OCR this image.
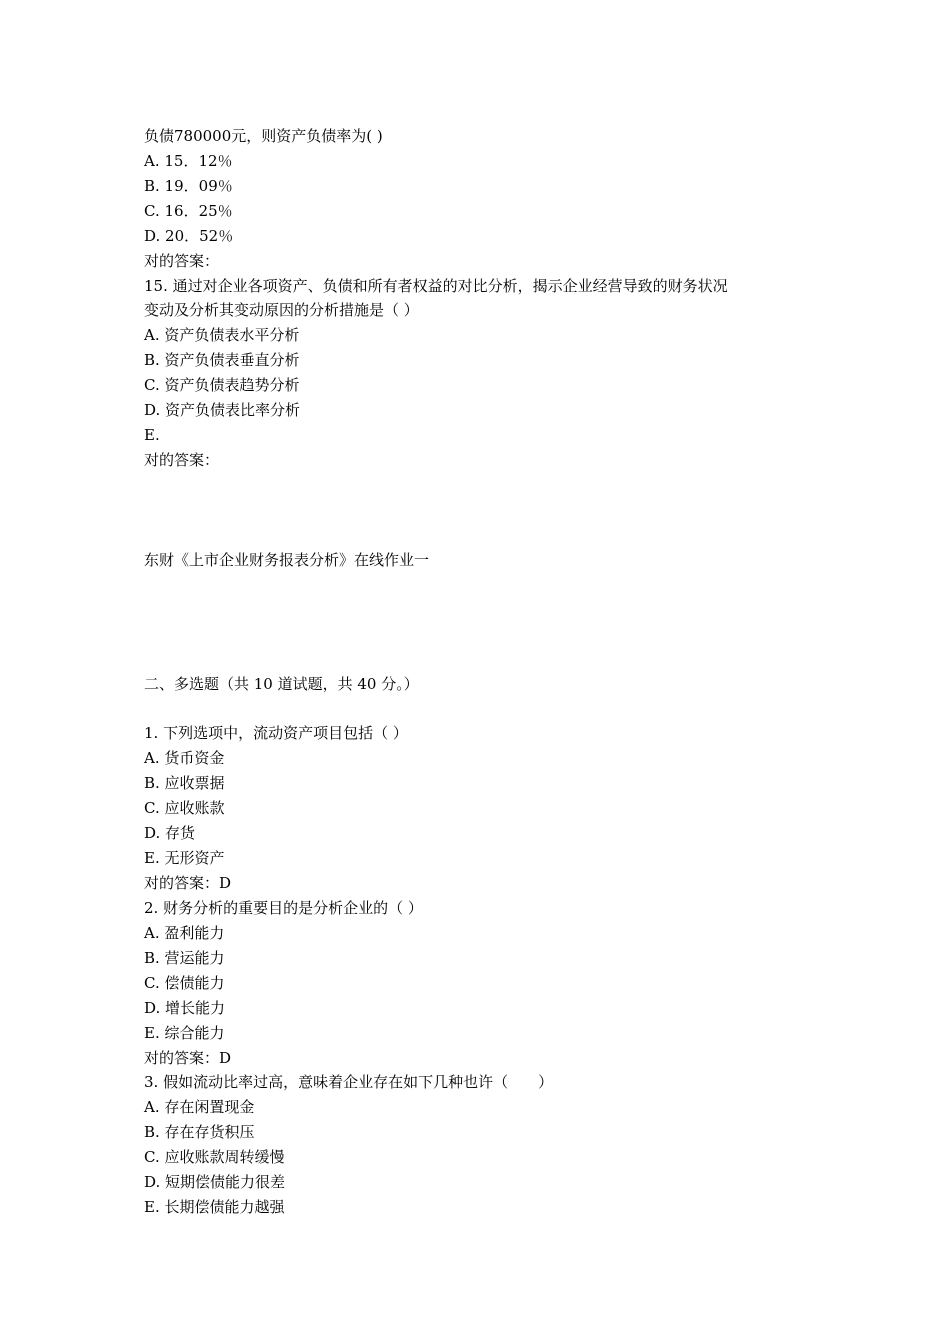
负债780000元，则资产负债率为( )
A. 15．12％
B. 19．09％
C. 16．25％
D. 20．52％
对的答案：
15. 通过对企业各项资产、负债和所有者权益的对比分析，揭示企业经营导致的财务状况
变动及分析其变动原因的分析措施是（ ）
A. 资产负债表水平分析
B. 资产负债表垂直分析
C. 资产负债表趋势分析
D. 资产负债表比率分析
E.
对的答案：
东财《上市企业财务报表分析》在线作业一
二、多选题（共 10 道试题，共 40 分。）
1. 下列选项中，流动资产项目包括（ ）
A. 货币资金
B. 应收票据
C. 应收账款
D. 存货
E. 无形资产
对的答案：D
2. 财务分析的重要目的是分析企业的（ ）
A. 盈利能力
B. 营运能力
C. 偿债能力
D. 增长能力
E. 综合能力
对的答案：D
3. 假如流动比率过高，意味着企业存在如下几种也许（　　）
A. 存在闲置现金
B. 存在存货积压
C. 应收账款周转缓慢
D. 短期偿债能力很差
E. 长期偿债能力越强
